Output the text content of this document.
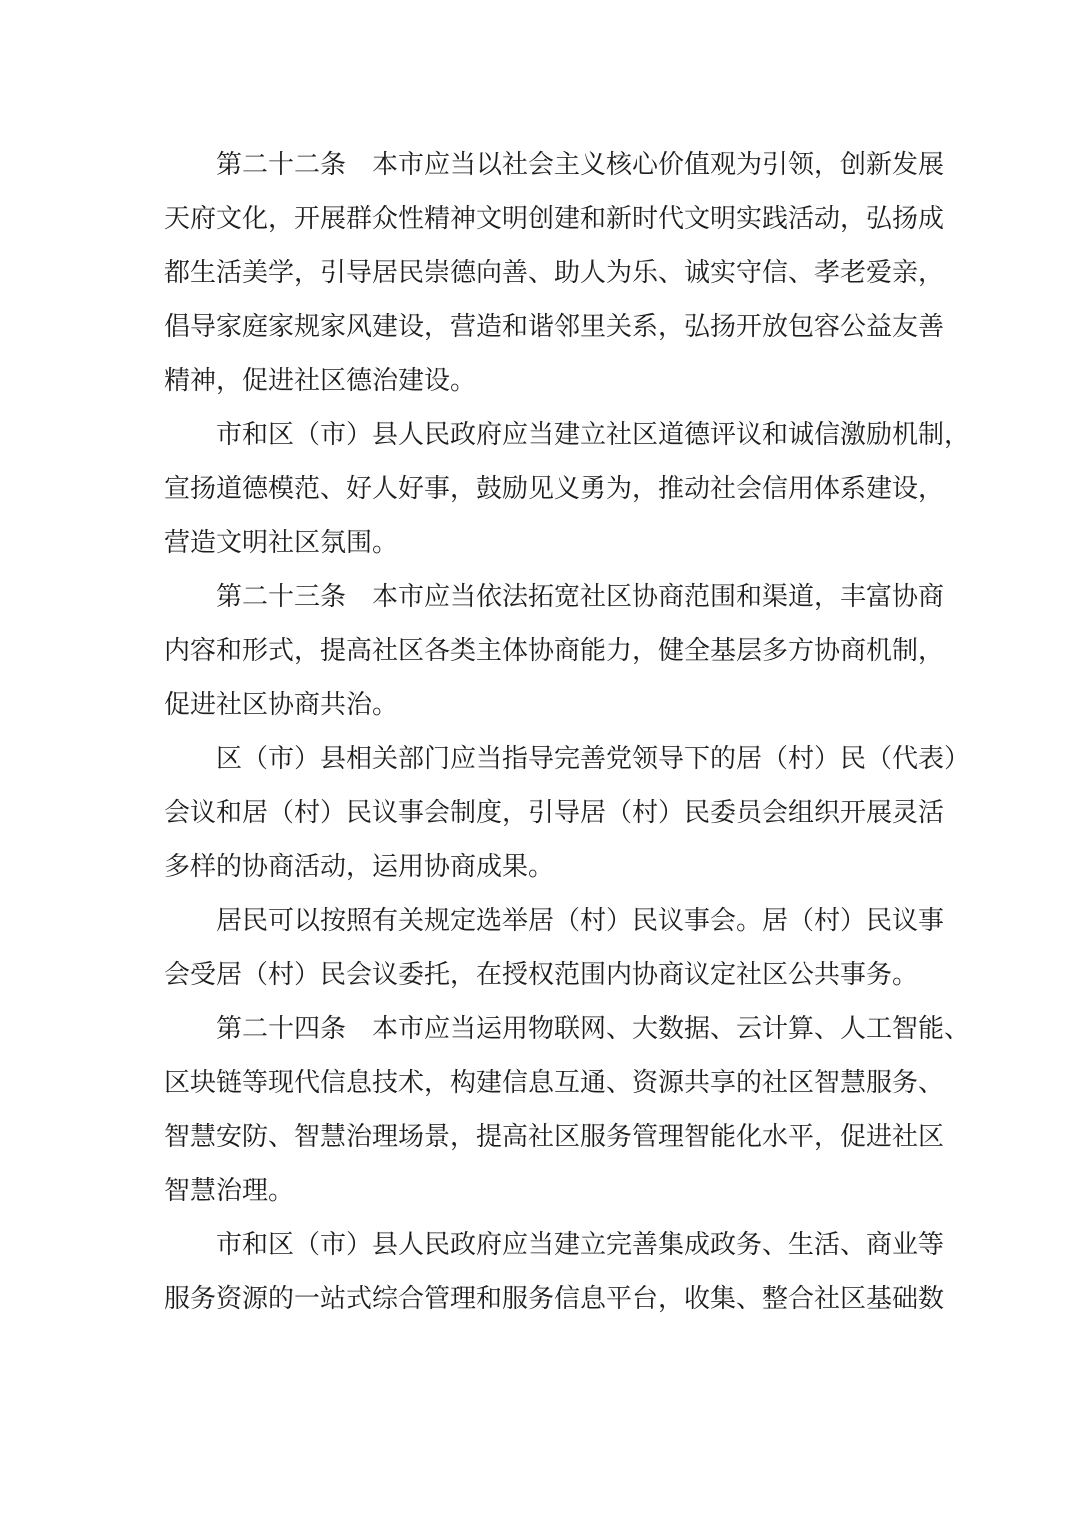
第二十二条　本市应当以社会主义核心价值观为引领，创新发展
天府文化，开展群众性精神文明创建和新时代文明实践活动，弘扬成
都生活美学，引导居民崇德向善、助人为乐、诚实守信、孝老爱亲，
倡导家庭家规家风建设，营造和谐邻里关系，弘扬开放包容公益友善
精神，促进社区德治建设。
市和区（市）县人民政府应当建立社区道德评议和诚信激励机制，
宣扬道德模范、好人好事，鼓励见义勇为，推动社会信用体系建设，
营造文明社区氛围。
第二十三条　本市应当依法拓宽社区协商范围和渠道，丰富协商
内容和形式，提高社区各类主体协商能力，健全基层多方协商机制，
促进社区协商共治。
区（市）县相关部门应当指导完善党领导下的居（村）民（代表）
会议和居（村）民议事会制度，引导居（村）民委员会组织开展灵活
多样的协商活动，运用协商成果。
居民可以按照有关规定选举居（村）民议事会。居（村）民议事
会受居（村）民会议委托，在授权范围内协商议定社区公共事务。
第二十四条　本市应当运用物联网、大数据、云计算、人工智能、
区块链等现代信息技术，构建信息互通、资源共享的社区智慧服务、
智慧安防、智慧治理场景，提高社区服务管理智能化水平，促进社区
智慧治理。
市和区（市）县人民政府应当建立完善集成政务、生活、商业等
服务资源的一站式综合管理和服务信息平台，收集、整合社区基础数
